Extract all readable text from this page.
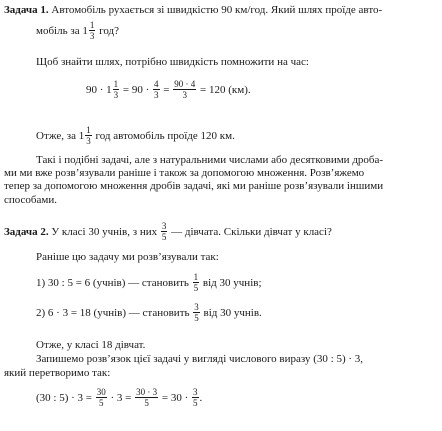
Задача 1. Автомобіль рухається зі швидкістю 90 км/год. Який шлях проїде авто-
мобіль за
$1 \frac{1}{3}$
год?
Щоб знайти шлях, потрібно швидкість помножити на час:
90 ·
$1 \frac{1}{3}$
= 90 ·
$\frac{4}{3}$
=
$\frac{90 \cdot 4}{3}$
= 120 (км).
Отже, за
$1 \frac{1}{3}$
год автомобіль проїде 120 км.
Такі і подібні задачі, але з натуральними числами або десятковими дроба-
ми ми вже розв’язували раніше і також за допомогою множення. Розв’яжемо
тепер за допомогою множення дробів задачі, які ми раніше розв’язували іншими
способами.
Задача 2.
У класі 30 учнів, з них
$\frac{3}{5}$
— дівчата. Скільки дівчат у класі?
Раніше цю задачу ми розв’язували так:
1) 30 : 5 = 6 (учнів) — становить
$\frac{1}{5}$
від 30 учнів;
2) 6 · 3 = 18 (учнів) — становить
$\frac{3}{5}$
від 30 учнів.
Отже, у класі 18 дівчат.
Запишемо розв’язок цієї задачі у вигляді числового виразу (30 : 5) · 3,
який перетворимо так:
(30 : 5) · 3 =
$\frac{30}{5}$
· 3 =
$\frac{30 \cdot 3}{5}$
= 30 ·
$\frac{3}{5}$ .
